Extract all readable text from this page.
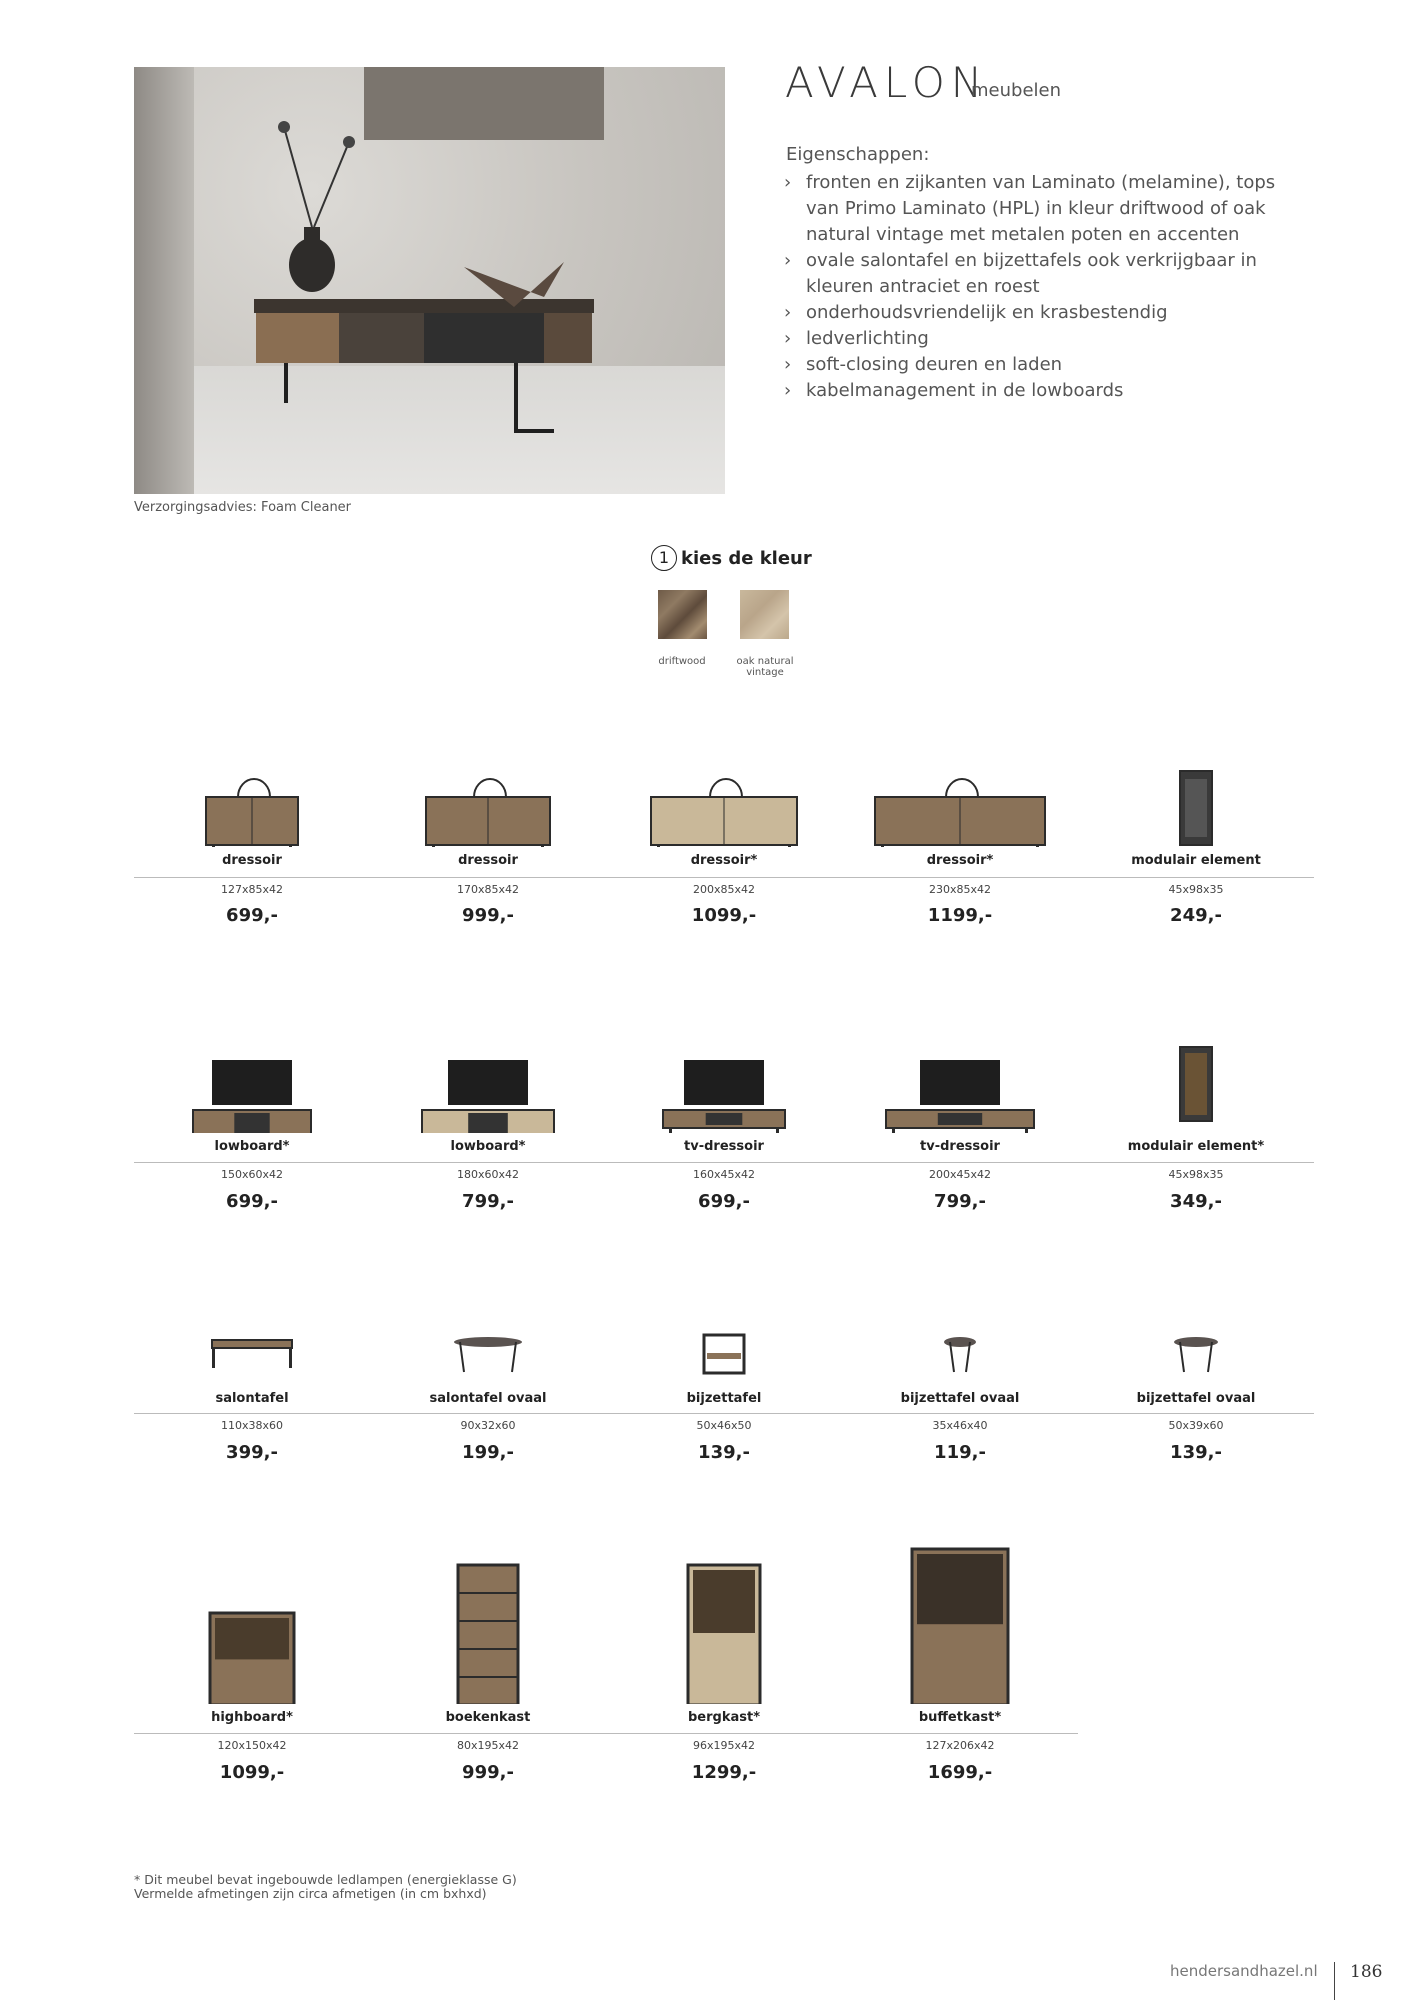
AVALON
meubelen
Eigenschappen:
› fronten en zijkanten van Laminato (melamine), tops van Primo Laminato (HPL) in kleur driftwood of oak natural vintage met metalen poten en accenten
› ovale salontafel en bijzettafels ook verkrijgbaar in kleuren antraciet en roest
› onderhoudsvriendelijk en krasbestendig
› ledverlichting
› soft-closing deuren en laden
› kabelmanagement in de lowboards
Verzorgingsadvies: Foam Cleaner
1 kies de kleur
driftwood	oak natural vintage
dressoir
127x85x42
699,-
dressoir
170x85x42
999,-
dressoir*
200x85x42
1099,-
dressoir*
230x85x42
1199,-
modulair element
45x98x35
249,-
lowboard*
150x60x42
699,-
lowboard*
180x60x42
799,-
tv-dressoir
160x45x42
699,-
tv-dressoir
200x45x42
799,-
modulair element*
45x98x35
349,-
salontafel
110x38x60
399,-
salontafel ovaal
90x32x60
199,-
bijzettafel
50x46x50
139,-
bijzettafel ovaal
35x46x40
119,-
bijzettafel ovaal
50x39x60
139,-
highboard*
120x150x42
1099,-
boekenkast
80x195x42
999,-
bergkast*
96x195x42
1299,-
buffetkast*
127x206x42
1699,-
* Dit meubel bevat ingebouwde ledlampen (energieklasse G)
Vermelde afmetingen zijn circa afmetigen (in cm bxhxd)
hendersandhazel.nl 186
